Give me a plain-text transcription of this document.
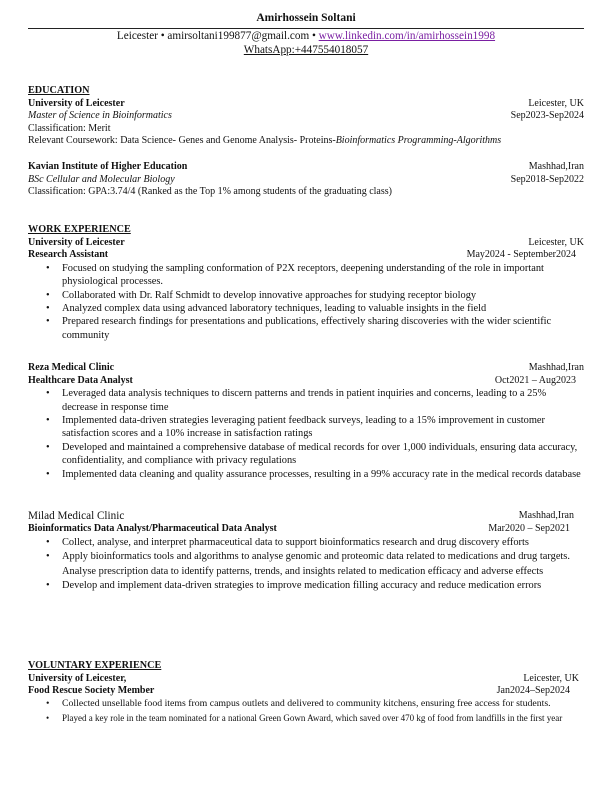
Amirhossein Soltani
Leicester • amirsoltani199877@gmail.com • www.linkedin.com/in/amirhossein1998
WhatsApp:+447554018057
EDUCATION
University of Leicester	Leicester, UK
Master of Science in Bioinformatics	Sep2023-Sep2024
Classification: Merit
Relevant Coursework: Data Science- Genes and Genome Analysis- Proteins-Bioinformatics Programming-Algorithms
Kavian Institute of Higher Education	Mashhad,Iran
BSc Cellular and Molecular Biology	Sep2018-Sep2022
Classification: GPA:3.74/4 (Ranked as the Top 1% among students of the graduating class)
WORK EXPERIENCE
University of Leicester	Leicester, UK
Research Assistant	May2024 - September2024
• Focused on studying the sampling conformation of P2X receptors, deepening understanding of the role in important physiological processes.
• Collaborated with Dr. Ralf Schmidt to develop innovative approaches for studying receptor biology
• Analyzed complex data using advanced laboratory techniques, leading to valuable insights in the field
• Prepared research findings for presentations and publications, effectively sharing discoveries with the wider scientific community
Reza Medical Clinic	Mashhad,Iran
Healthcare Data Analyst	Oct2021 – Aug2023
• Leveraged data analysis techniques to discern patterns and trends in patient inquiries and concerns, leading to a 25% decrease in response time
• Implemented data-driven strategies leveraging patient feedback surveys, leading to a 15% improvement in customer satisfaction scores and a 10% increase in satisfaction ratings
• Developed and maintained a comprehensive database of medical records for over 1,000 individuals, ensuring data accuracy, confidentiality, and compliance with privacy regulations
• Implemented data cleaning and quality assurance processes, resulting in a 99% accuracy rate in the medical records database
Milad Medical Clinic	Mashhad,Iran
Bioinformatics Data Analyst/Pharmaceutical Data Analyst	Mar2020 – Sep2021
• Collect, analyse, and interpret pharmaceutical data to support bioinformatics research and drug discovery efforts
• Apply bioinformatics tools and algorithms to analyse genomic and proteomic data related to medications and drug targets. Analyse prescription data to identify patterns, trends, and insights related to medication efficacy and adverse effects
• Develop and implement data-driven strategies to improve medication filling accuracy and reduce medication errors
VOLUNTARY EXPERIENCE
University of Leicester,	Leicester, UK
Food Rescue Society Member	Jan2024–Sep2024
• Collected unsellable food items from campus outlets and delivered to community kitchens, ensuring free access for students.
• Played a key role in the team nominated for a national Green Gown Award, which saved over 470 kg of food from landfills in the first year
